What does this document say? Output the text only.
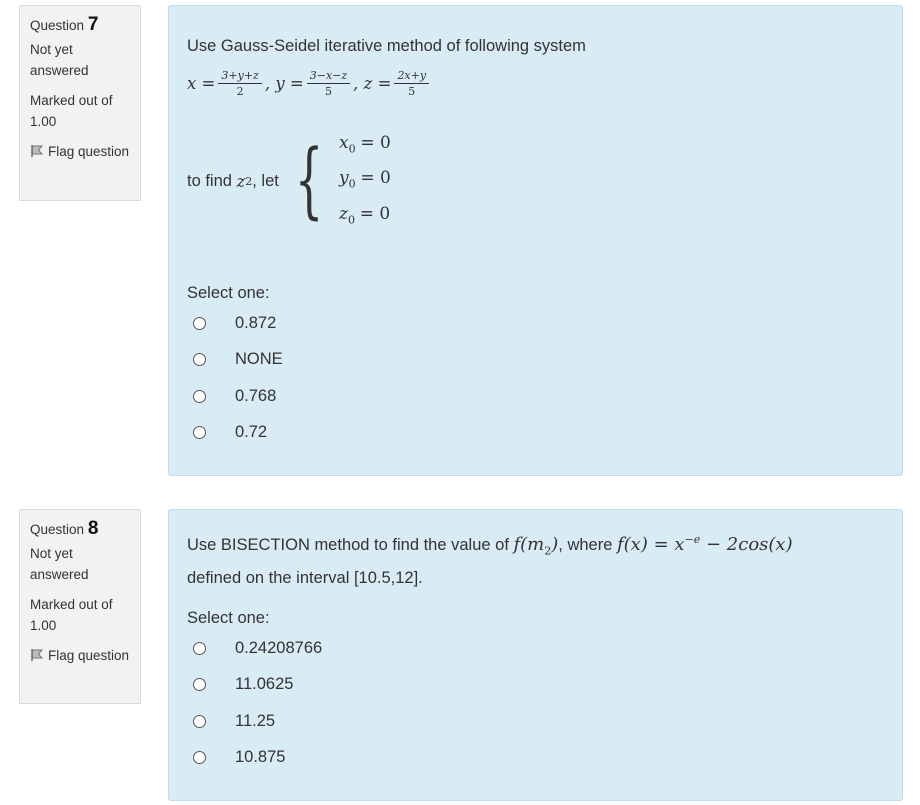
Question 7
Not yet answered
Marked out of 1.00
Flag question
Use Gauss-Seidel iterative method of following system
$x = \frac{3+y+z}{2}$ , $y = \frac{3-x-z}{5}$ , $z = \frac{2x+y}{5}$
to find
z 2 , let { $x_0 = 0$
$y_0 = 0$
$z_0 = 0$
Select one:
0.872
NONE
0.768
0.72
Question 8
Not yet answered
Marked out of 1.00
Flag question
Use BISECTION method to find the value of $f(m_2)$, where $f(x) = x^{-e} - 2\cos(x)$
defined on the interval [10.5,12].
Select one:
0.24208766
11.0625
11.25
10.875
